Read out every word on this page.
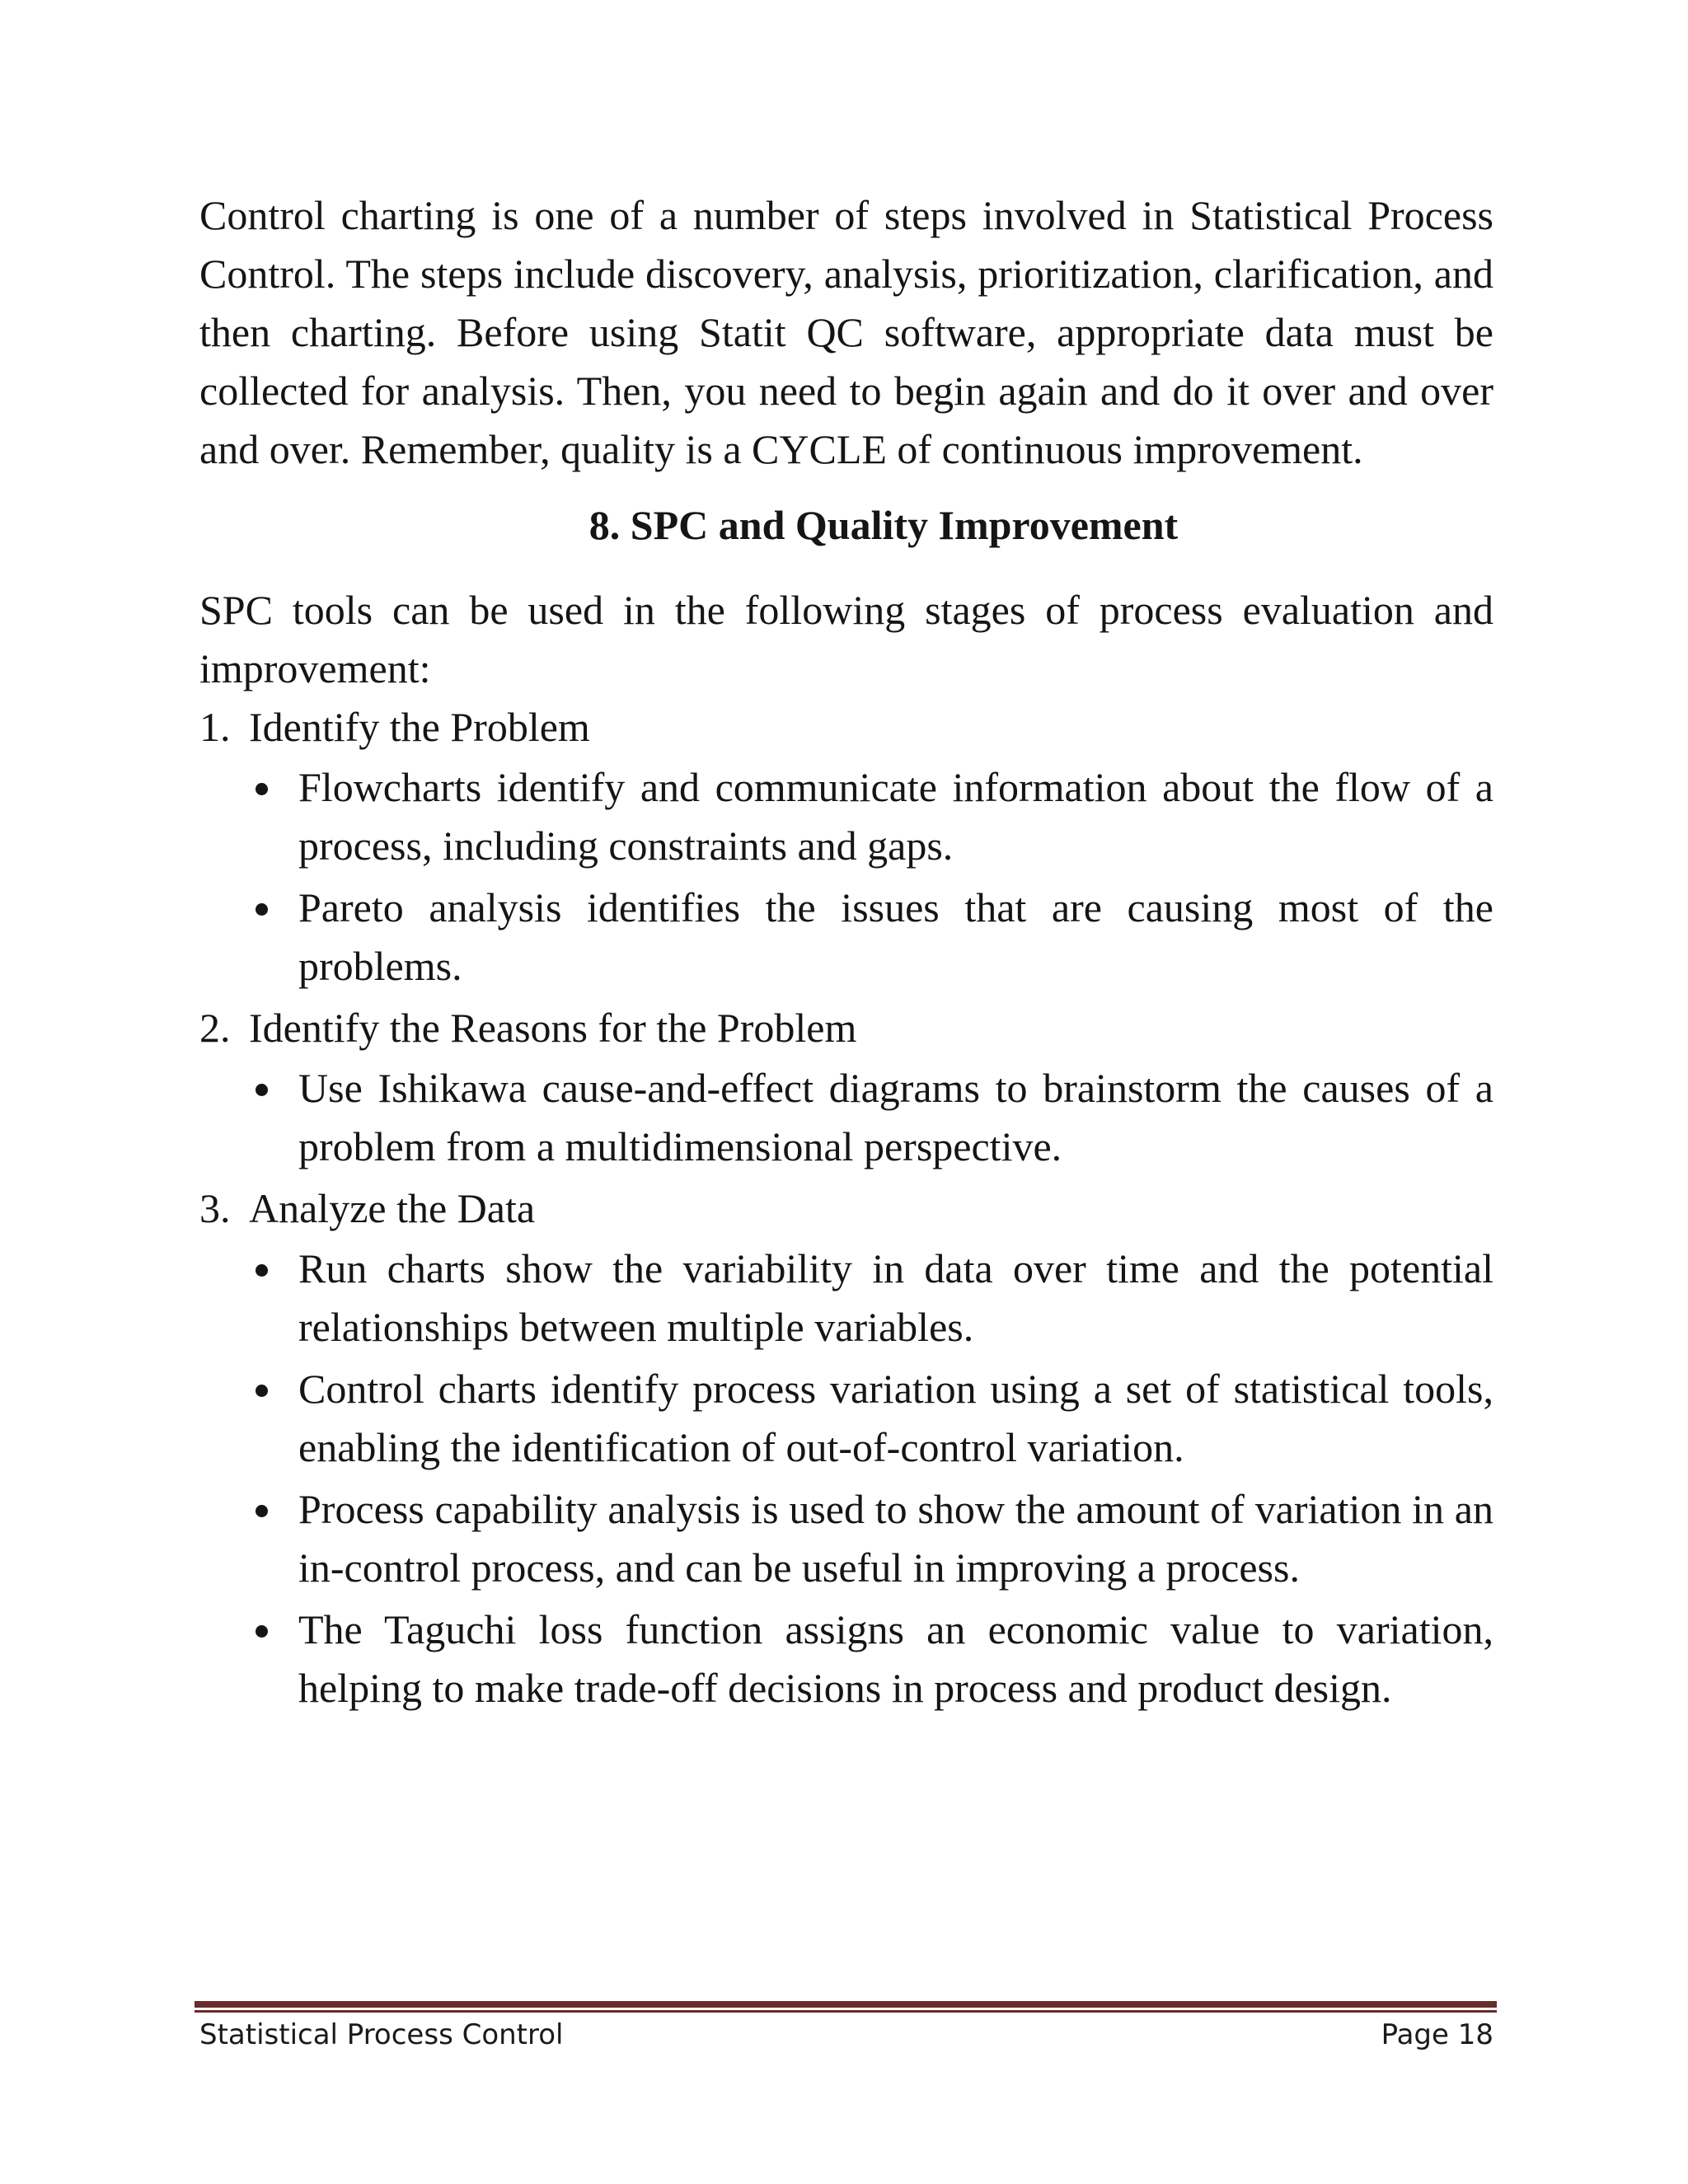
Control charting is one of a number of steps involved in Statistical Process Control. The steps include discovery, analysis, prioritization, clarification, and then charting. Before using Statit QC software, appropriate data must be collected for analysis. Then, you need to begin again and do it over and over and over. Remember, quality is a CYCLE of continuous improvement.

8. SPC and Quality Improvement

SPC tools can be used in the following stages of process evaluation and improvement:

1. Identify the Problem
Flowcharts identify and communicate information about the flow of a process, including constraints and gaps.
Pareto analysis identifies the issues that are causing most of the problems.
2. Identify the Reasons for the Problem
Use Ishikawa cause-and-effect diagrams to brainstorm the causes of a problem from a multidimensional perspective.
3. Analyze the Data
Run charts show the variability in data over time and the potential relationships between multiple variables.
Control charts identify process variation using a set of statistical tools, enabling the identification of out-of-control variation.
Process capability analysis is used to show the amount of variation in an in-control process, and can be useful in improving a process.
The Taguchi loss function assigns an economic value to variation, helping to make trade-off decisions in process and product design.
Statistical Process Control	Page 18
